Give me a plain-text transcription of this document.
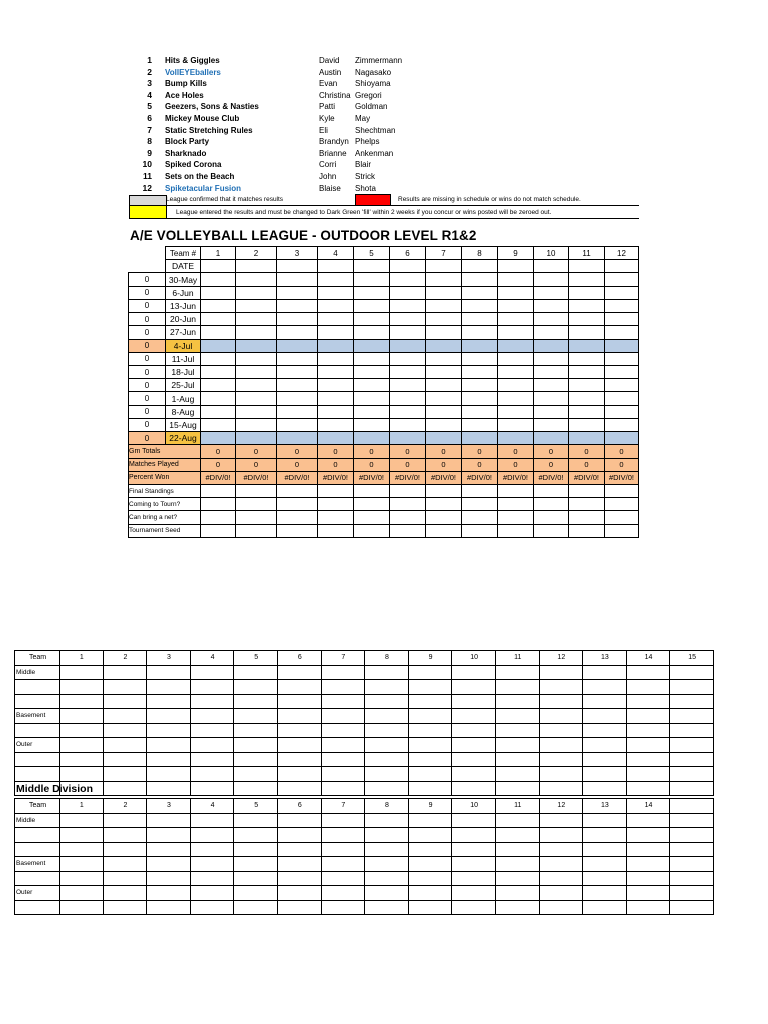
1 Hits & Giggles	David Zimmermann
2 VollEYEballers	Austin Nagasako
3 Bump Kills	Evan Shioyama
4 Ace Holes	Christina Gregori
5 Geezers, Sons & Nasties	Patti Goldman
6 Mickey Mouse Club	Kyle	May
7 Static Stretching Rules	Eli	Shechtman
8 Block Party	Brandyn Phelps
9 Sharknado	Brianne Ankenman
10 Spiked Corona	Corri Blair
11 Sets on the Beach	John Strick
12 Spiketacular Fusion	Blaise Shota
League confirmed that it matches results	Results are missing in schedule or wins do not match schedule.
League entered the results and must be changed to Dark Green 'fill' within 2 weeks if you concur or wins posted will be zeroed out.
A/E VOLLEYBALL LEAGUE - OUTDOOR LEVEL R1&2
	Team #	1	2	3	4	5	6	7	8	9	10	11	12
	DATE												
0	30-May												
0	6-Jun												
0	13-Jun												
0	20-Jun												
0	27-Jun												
0	4-Jul												
0	11-Jul												
0	18-Jul												
0	25-Jul												
0	1-Aug												
0	8-Aug												
0	15-Aug												
0	22-Aug												
Gm Totals		0	0	0	0	0	0	0	0	0	0	0	0
Matches Played		0	0	0	0	0	0	0	0	0	0	0	0
Percent Won		#DIV/0!	#DIV/0!	#DIV/0!	#DIV/0!	#DIV/0!	#DIV/0!	#DIV/0!	#DIV/0!	#DIV/0!	#DIV/0!	#DIV/0!	#DIV/0!
Final Standings													
Coming to Tourn?													
Can bring a net?													
Tournament Seed													
Team	1	2	3	4	5	6	7	8	9	10	11	12	13	14	15
Middle															

Basement															

Outer															

Middle Division
Team	1	2	3	4	5	6	7	8	9	10	11	12	13	14	
Middle															

Basement															

Outer															
